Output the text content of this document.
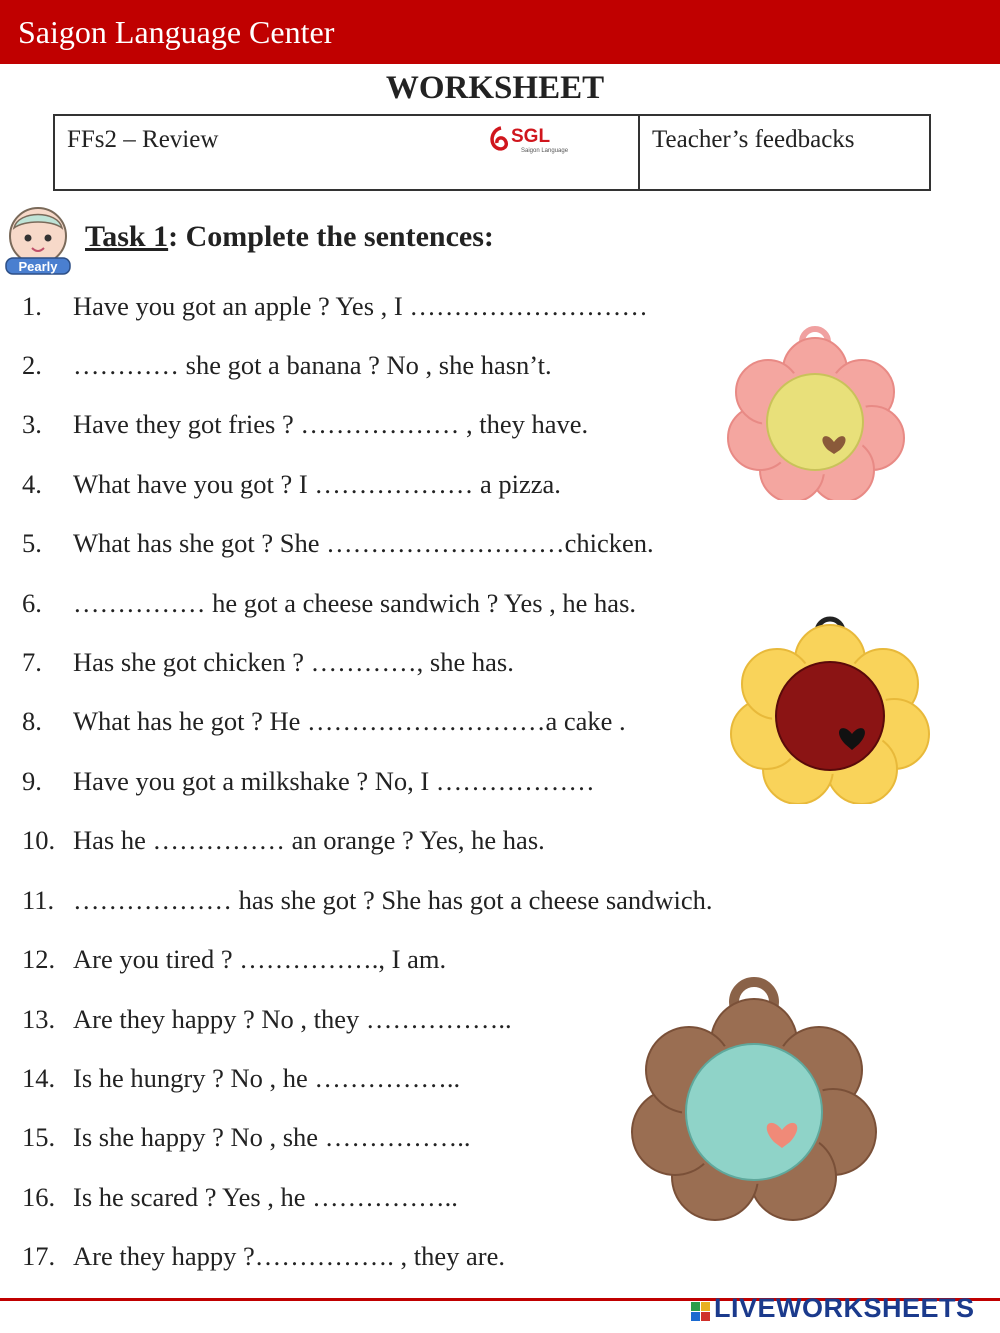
Saigon Language Center
WORKSHEET
FFs2 – Review	SGL
Saigon Language	Teacher’s feedbacks
Pearly
Task 1: Complete the sentences:
1. Have you got an apple ? Yes , I ………………………
2. ………… she got a banana ? No , she hasn’t.
3. Have they got fries ? ……………… , they have.
4. What have you got ? I ……………… a pizza.
5. What has she got ? She ………………………chicken.
6. …………… he got a cheese sandwich ? Yes , he has.
7. Has she got chicken ? …………, she has.
8. What has he got ? He ………………………a cake .
9. Have you got a milkshake ? No, I ………………
10. Has he …………… an orange ? Yes, he has.
11. ……………… has she got ? She has got a cheese sandwich.
12. Are you tired ? ……………., I am.
13. Are they happy ? No , they ……………..
14. Is he hungry ? No , he ……………..
15. Is she happy ? No , she ……………..
16. Is he scared ? Yes , he ……………..
17. Are they happy ?……………. , they are.
LIVEWORKSHEETS
